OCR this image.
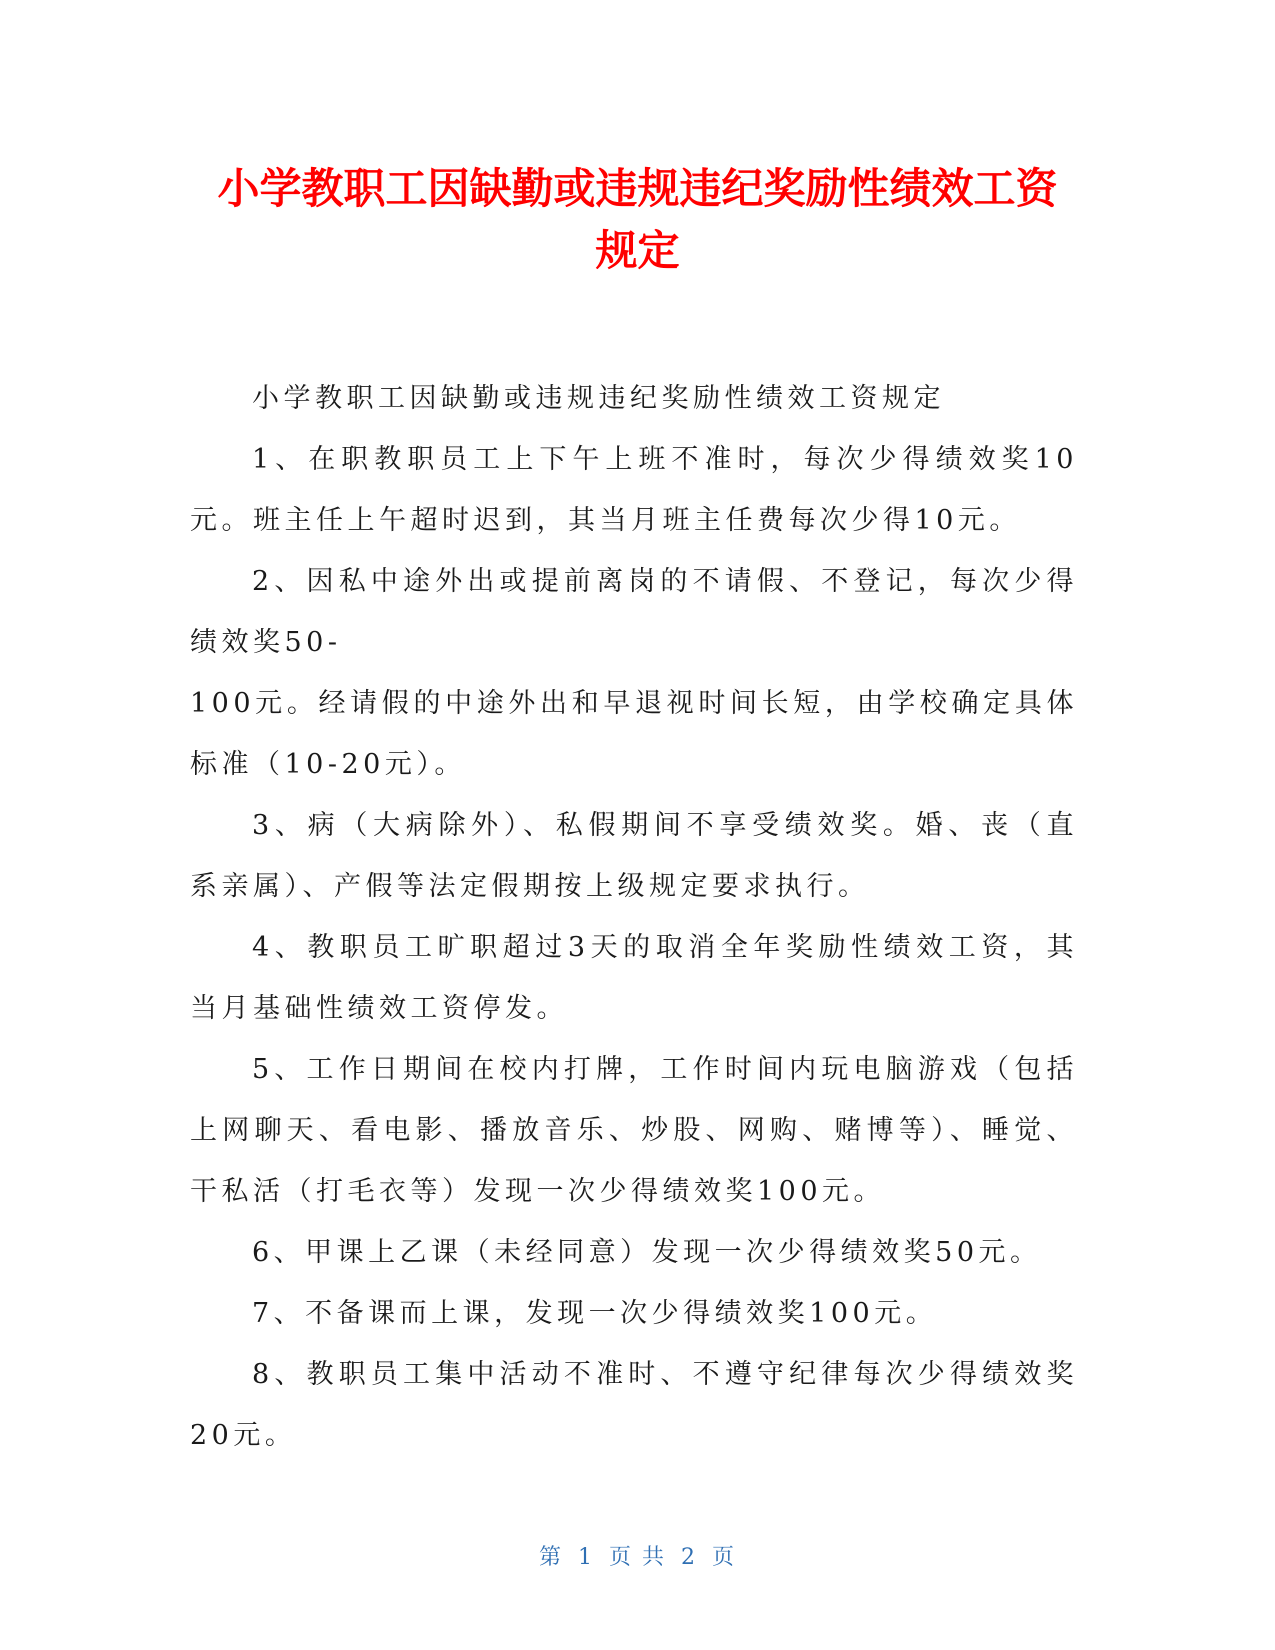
小学教职工因缺勤或违规违纪奖励性绩效工资
规定

小学教职工因缺勤或违规违纪奖励性绩效工资规定

1、在职教职员工上下午上班不准时，每次少得绩效奖10元。班主任上午超时迟到，其当月班主任费每次少得10元。

2、因私中途外出或提前离岗的不请假、不登记，每次少得绩效奖50-

100元。经请假的中途外出和早退视时间长短，由学校确定具体标准（10-20元）。

3、病（大病除外）、私假期间不享受绩效奖。婚、丧（直系亲属）、产假等法定假期按上级规定要求执行。

4、教职员工旷职超过3天的取消全年奖励性绩效工资，其当月基础性绩效工资停发。

5、工作日期间在校内打牌，工作时间内玩电脑游戏（包括上网聊天、看电影、播放音乐、炒股、网购、赌博等）、睡觉、干私活（打毛衣等）发现一次少得绩效奖100元。

6、甲课上乙课（未经同意）发现一次少得绩效奖50元。

7、不备课而上课，发现一次少得绩效奖100元。

8、教职员工集中活动不准时、不遵守纪律每次少得绩效奖20元。

第 1 页 共 2 页
